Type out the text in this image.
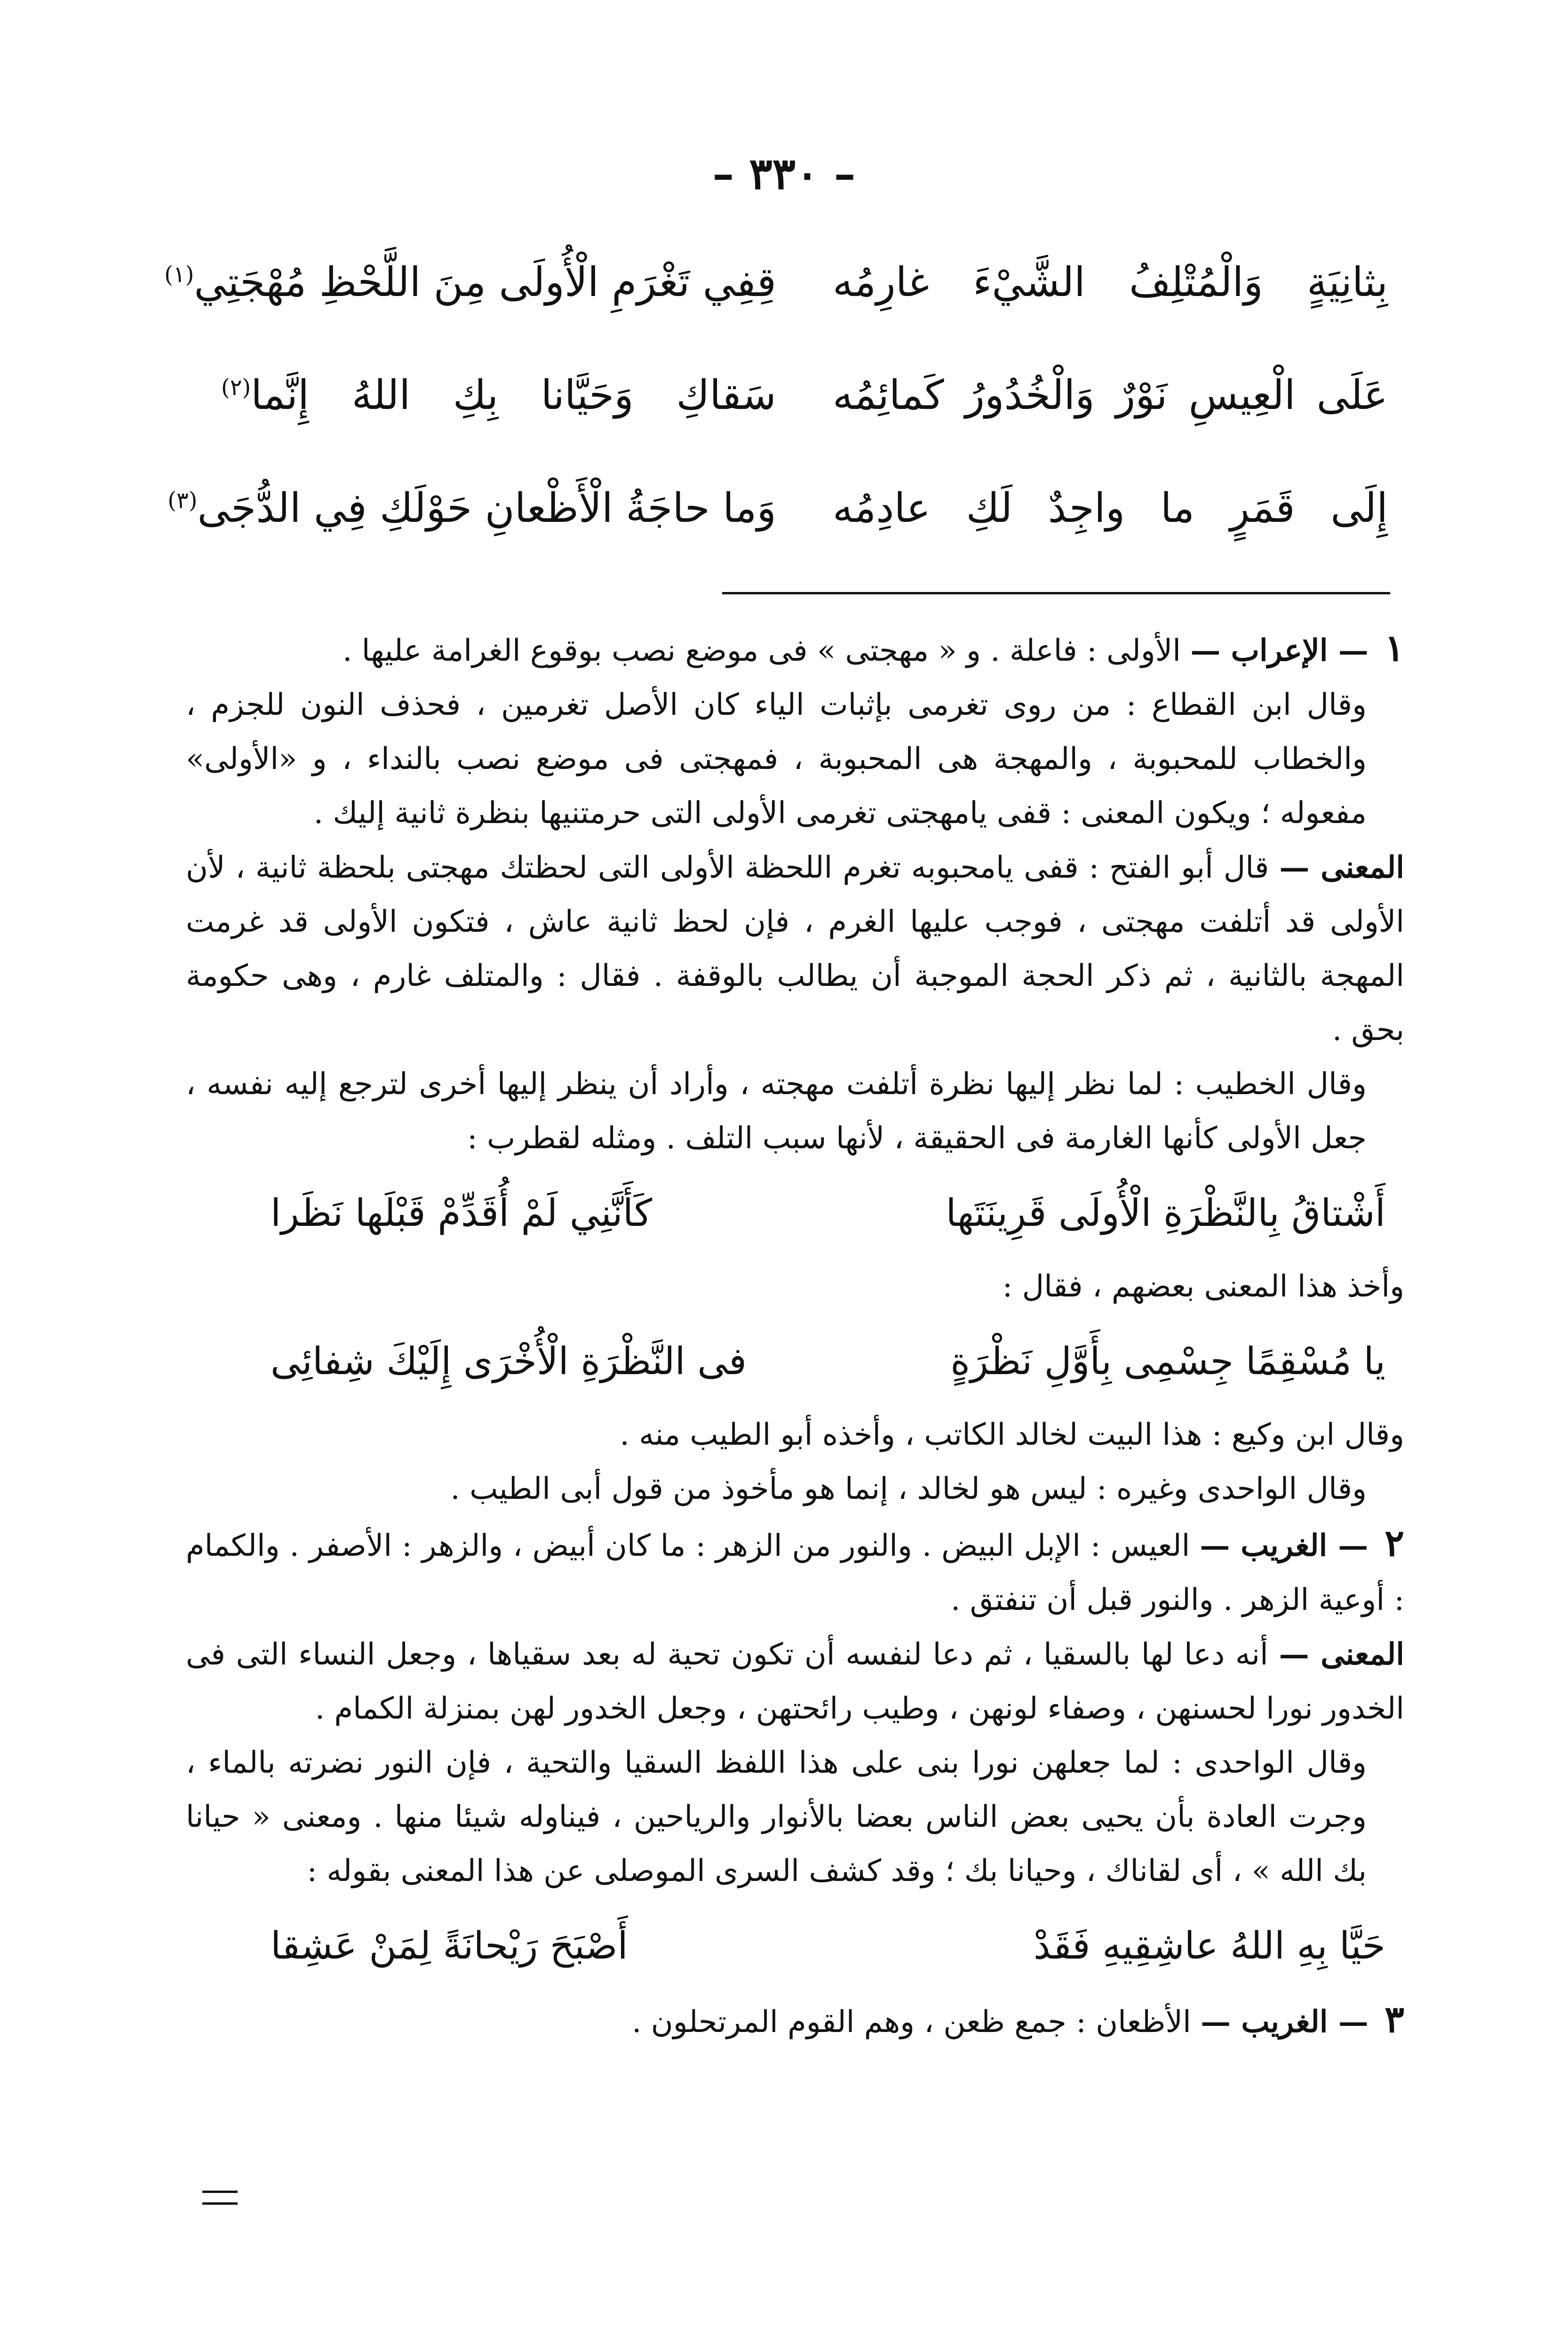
– ٣٣٠ –
بِثانِيَةٍ وَالْمُتْلِفُ الشَّيْءَ غارِمُه
قِفِي تَغْرَمِ الْأُولَى مِنَ اللَّحْظِ مُهْجَتِي$^{(١)}$
عَلَى الْعِيسِ نَوْرٌ وَالْخُدُورُ كَمائِمُه
سَقاكِ وَحَيَّانا بِكِ اللهُ إِنَّما$^{(٢)}$
إِلَى قَمَرٍ ما واجِدٌ لَكِ عادِمُه
وَما حاجَةُ الْأَظْعانِ حَوْلَكِ فِي الدُّجَى$^{(٣)}$

١ — الإعراب — الأولى : فاعلة . و « مهجتى » فى موضع نصب بوقوع الغرامة عليها .

وقال ابن القطاع : من روى تغرمى بإثبات الياء كان الأصل تغرمين ، فحذف النون للجزم ، والخطاب للمحبوبة ، والمهجة هى المحبوبة ، فمهجتى فى موضع نصب بالنداء ، و «الأولى» مفعوله ؛ ويكون المعنى : قفى يامهجتى تغرمى الأولى التى حرمتنيها بنظرة ثانية إليك .

المعنى — قال أبو الفتح : قفى يامحبوبه تغرم اللحظة الأولى التى لحظتك مهجتى بلحظة ثانية ، لأن الأولى قد أتلفت مهجتى ، فوجب عليها الغرم ، فإن لحظ ثانية عاش ، فتكون الأولى قد غرمت المهجة بالثانية ، ثم ذكر الحجة الموجبة أن يطالب بالوقفة . فقال : والمتلف غارم ، وهى حكومة بحق .

وقال الخطيب : لما نظر إليها نظرة أتلفت مهجته ، وأراد أن ينظر إليها أخرى لترجع إليه نفسه ، جعل الأولى كأنها الغارمة فى الحقيقة ، لأنها سبب التلف . ومثله لقطرب :

أَشْتاقُ بِالنَّظْرَةِ الْأُولَى قَرِينَتَها
كَأَنَّنِي لَمْ أُقَدِّمْ قَبْلَها نَظَرا

وأخذ هذا المعنى بعضهم ، فقال :

يا مُسْقِمًا جِسْمِى بِأَوَّلِ نَظْرَةٍ
فى النَّظْرَةِ الْأُخْرَى إِلَيْكَ شِفائِى

وقال ابن وكيع : هذا البيت لخالد الكاتب ، وأخذه أبو الطيب منه .

وقال الواحدى وغيره : ليس هو لخالد ، إنما هو مأخوذ من قول أبى الطيب .

٢ — الغريب — العيس : الإبل البيض . والنور من الزهر : ما كان أبيض ، والزهر : الأصفر . والكمام : أوعية الزهر . والنور قبل أن تنفتق .

المعنى — أنه دعا لها بالسقيا ، ثم دعا لنفسه أن تكون تحية له بعد سقياها ، وجعل النساء التى فى الخدور نورا لحسنهن ، وصفاء لونهن ، وطيب رائحتهن ، وجعل الخدور لهن بمنزلة الكمام .

وقال الواحدى : لما جعلهن نورا بنى على هذا اللفظ السقيا والتحية ، فإن النور نضرته بالماء ، وجرت العادة بأن يحيى بعض الناس بعضا بالأنوار والرياحين ، فيناوله شيئا منها . ومعنى « حيانا بك الله » ، أى لقاناك ، وحيانا بك ؛ وقد كشف السرى الموصلى عن هذا المعنى بقوله :

حَيَّا بِهِ اللهُ عاشِقِيهِ فَقَدْ
أَصْبَحَ رَيْحانَةً لِمَنْ عَشِقا

٣ — الغريب — الأظعان : جمع ظعن ، وهم القوم المرتحلون .
